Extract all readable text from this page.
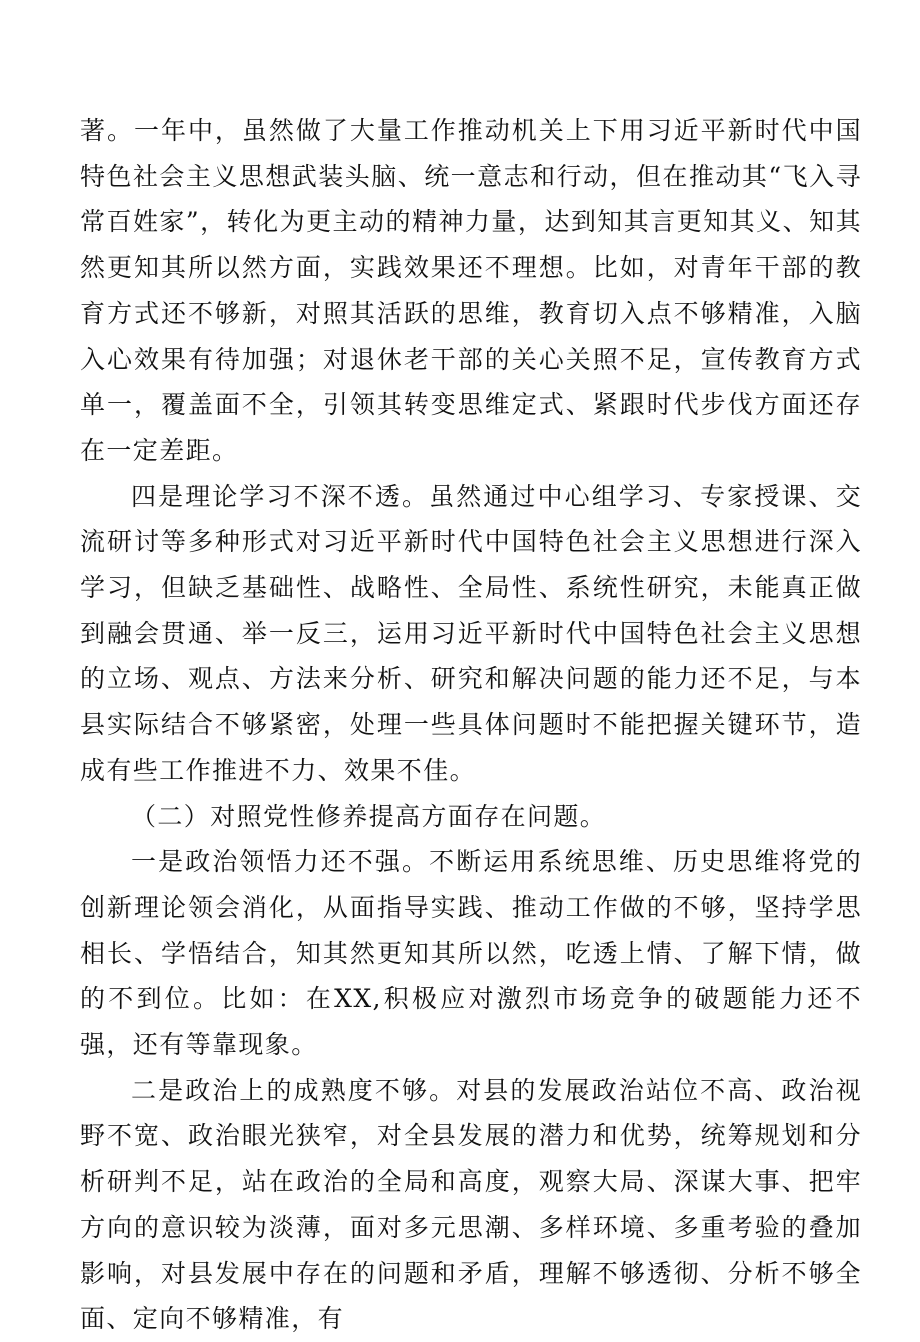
著。一年中，虽然做了大量工作推动机关上下用习近平新时代中国特色社会主义思想武装头脑、统一意志和行动，但在推动其“飞入寻常百姓家”，转化为更主动的精神力量，达到知其言更知其义、知其然更知其所以然方面，实践效果还不理想。比如，对青年干部的教育方式还不够新，对照其活跃的思维，教育切入点不够精准，入脑入心效果有待加强；对退休老干部的关心关照不足，宣传教育方式单一，覆盖面不全，引领其转变思维定式、紧跟时代步伐方面还存在一定差距。

四是理论学习不深不透。虽然通过中心组学习、专家授课、交流研讨等多种形式对习近平新时代中国特色社会主义思想进行深入学习，但缺乏基础性、战略性、全局性、系统性研究，未能真正做到融会贯通、举一反三，运用习近平新时代中国特色社会主义思想的立场、观点、方法来分析、研究和解决问题的能力还不足，与本县实际结合不够紧密，处理一些具体问题时不能把握关键环节，造成有些工作推进不力、效果不佳。

（二）对照党性修养提高方面存在问题。

一是政治领悟力还不强。不断运用系统思维、历史思维将党的创新理论领会消化，从面指导实践、推动工作做的不够，坚持学思相长、学悟结合，知其然更知其所以然，吃透上情、了解下情，做的不到位。比如：在XX,积极应对激烈市场竞争的破题能力还不强，还有等靠现象。

二是政治上的成熟度不够。对县的发展政治站位不高、政治视野不宽、政治眼光狭窄，对全县发展的潜力和优势，统筹规划和分析研判不足，站在政治的全局和高度，观察大局、深谋大事、把牢方向的意识较为淡薄，面对多元思潮、多样环境、多重考验的叠加影响，对县发展中存在的问题和矛盾，理解不够透彻、分析不够全面、定向不够精准，有
